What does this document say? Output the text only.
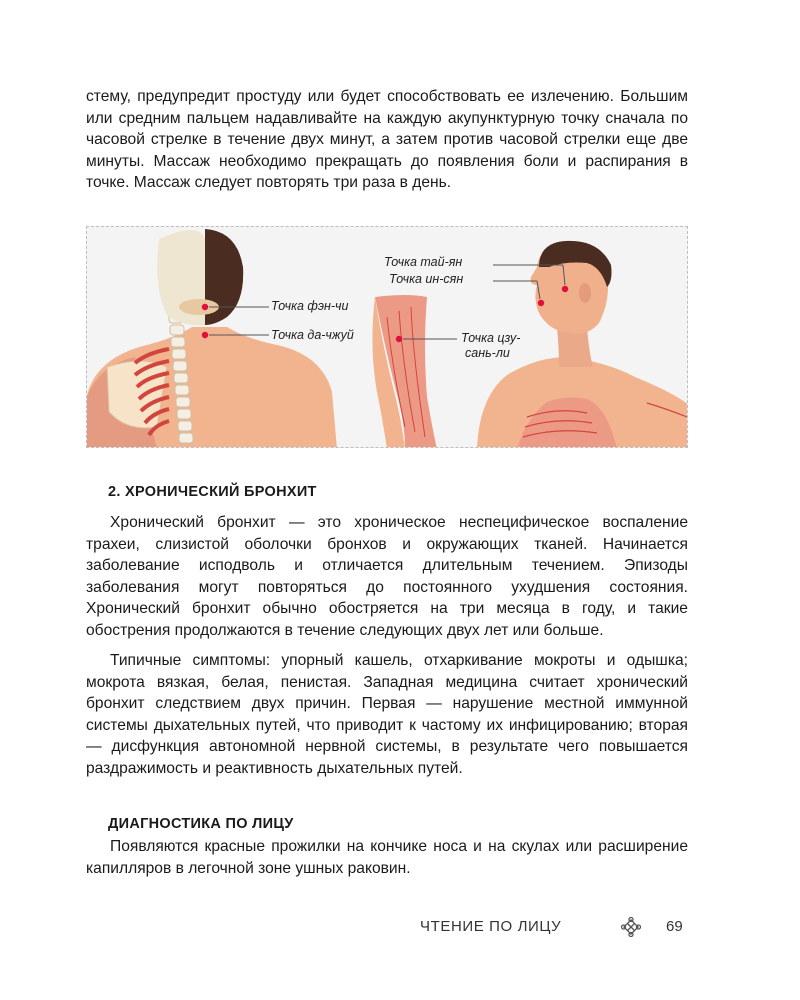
стему, предупредит простуду или будет способствовать ее излечению. Большим или средним пальцем надавливайте на каждую акупунктурную точку сначала по часовой стрелке в течение двух минут, а затем против часовой стрелки еще две минуты. Массаж необходимо прекращать до появления боли и распирания в точке. Массаж следует повторять три раза в день.

Точка фэн-чи
Точка да-чжуй
Точка тай-ян
Точка ин-сян
Точка цзу-
сань-ли
2. ХРОНИЧЕСКИЙ БРОНХИТ

Хронический бронхит — это хроническое неспецифическое воспаление трахеи, слизистой оболочки бронхов и окружающих тканей. Начинается заболевание исподволь и отличается длительным течением. Эпизоды заболевания могут повторяться до постоянного ухудшения состояния. Хронический бронхит обычно обостряется на три месяца в году, и такие обострения продолжаются в течение следующих двух лет или больше.

Типичные симптомы: упорный кашель, отхаркивание мокроты и одышка; мокрота вязкая, белая, пенистая. Западная медицина считает хронический бронхит следствием двух причин. Первая — нарушение местной иммунной системы дыхательных путей, что приводит к частому их инфицированию; вторая — дисфункция автономной нервной системы, в результате чего повышается раздражимость и реактивность дыхательных путей.

ДИАГНОСТИКА ПО ЛИЦУ

Появляются красные прожилки на кончике носа и на скулах или расширение капилляров в легочной зоне ушных раковин.

ЧТЕНИЕ ПО ЛИЦУ	69
